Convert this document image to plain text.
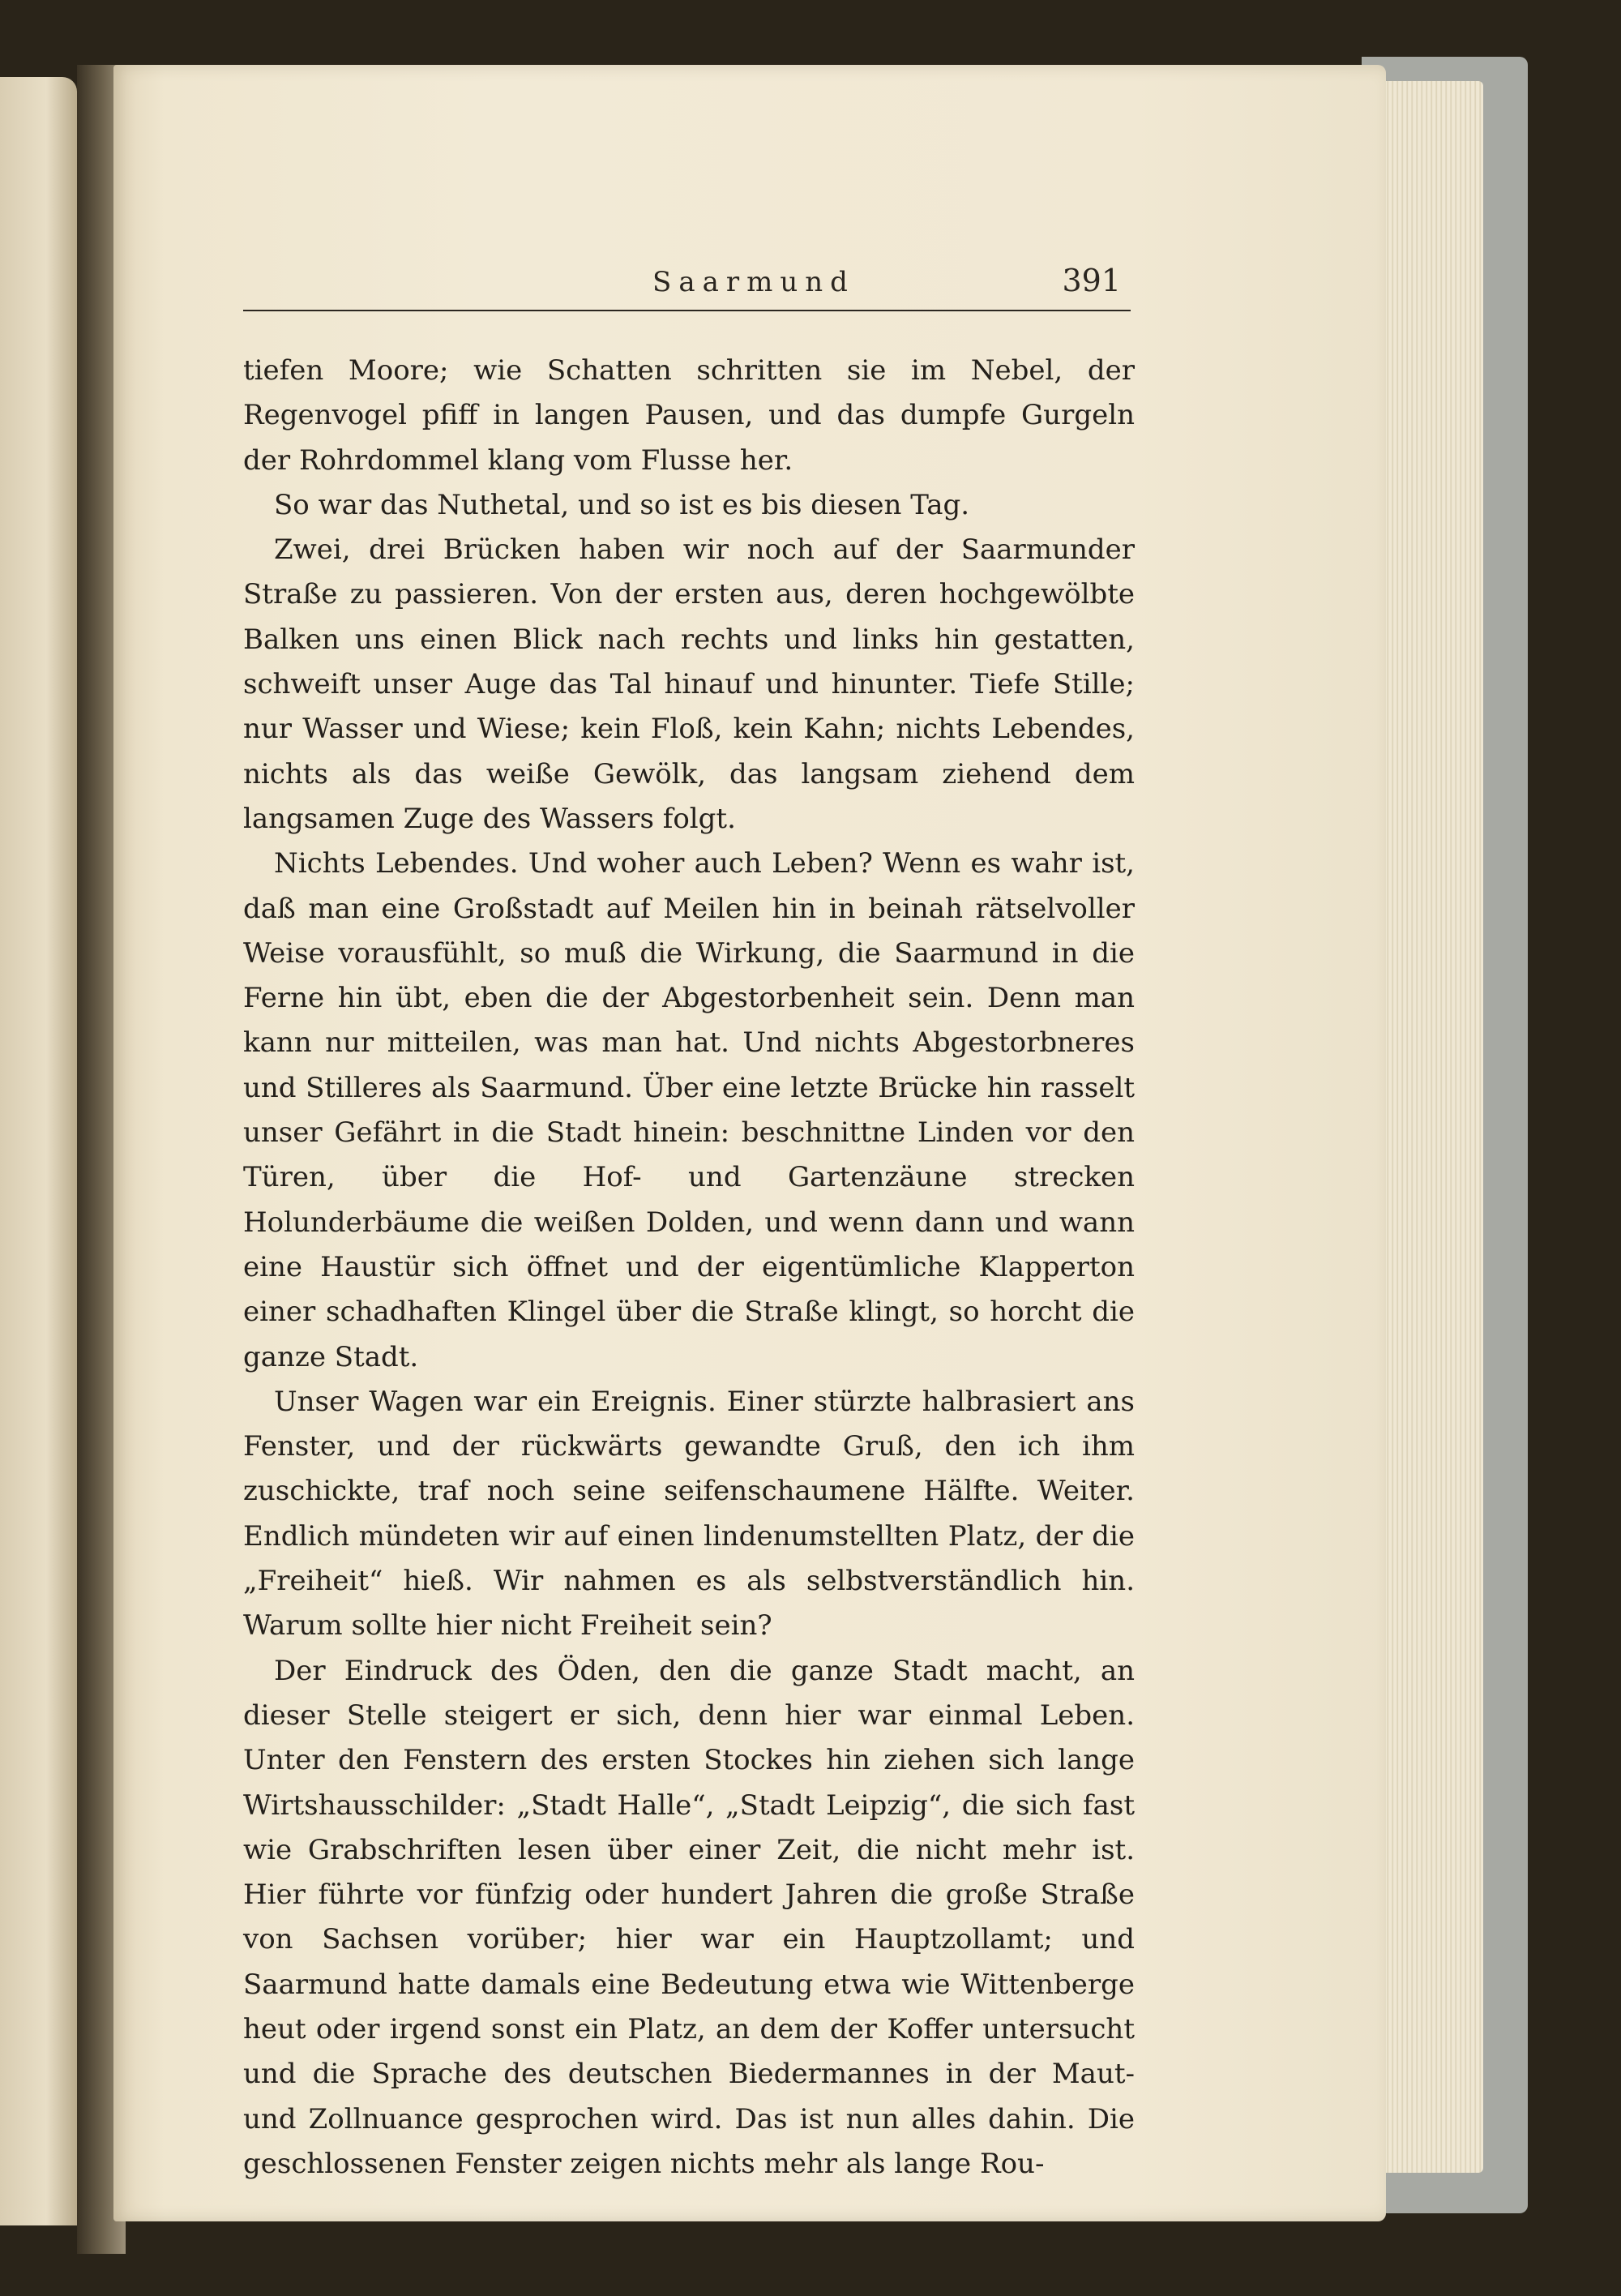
Saarmund	391

tiefen Moore; wie Schatten schritten sie im Nebel, der Regenvogel pfiff in langen Pausen, und das dumpfe Gurgeln der Rohrdommel klang vom Flusse her.

So war das Nuthetal, und so ist es bis diesen Tag.

Zwei, drei Brücken haben wir noch auf der Saarmunder Straße zu passieren. Von der ersten aus, deren hochgewölbte Balken uns einen Blick nach rechts und links hin gestatten, schweift unser Auge das Tal hinauf und hinunter. Tiefe Stille; nur Wasser und Wiese; kein Floß, kein Kahn; nichts Lebendes, nichts als das weiße Gewölk, das langsam ziehend dem langsamen Zuge des Wassers folgt.

Nichts Lebendes. Und woher auch Leben? Wenn es wahr ist, daß man eine Großstadt auf Meilen hin in beinah rätselvoller Weise vorausfühlt, so muß die Wirkung, die Saarmund in die Ferne hin übt, eben die der Abgestorbenheit sein. Denn man kann nur mitteilen, was man hat. Und nichts Abgestorbneres und Stilleres als Saarmund. Über eine letzte Brücke hin rasselt unser Gefährt in die Stadt hinein: beschnittne Linden vor den Türen, über die Hof- und Gartenzäune strecken Holunderbäume die weißen Dolden, und wenn dann und wann eine Haustür sich öffnet und der eigentümliche Klapperton einer schadhaften Klingel über die Straße klingt, so horcht die ganze Stadt.

Unser Wagen war ein Ereignis. Einer stürzte halbrasiert ans Fenster, und der rückwärts gewandte Gruß, den ich ihm zuschickte, traf noch seine seifenschaumene Hälfte. Weiter. Endlich mündeten wir auf einen lindenumstellten Platz, der die „Freiheit“ hieß. Wir nahmen es als selbstverständlich hin. Warum sollte hier nicht Freiheit sein?

Der Eindruck des Öden, den die ganze Stadt macht, an dieser Stelle steigert er sich, denn hier war einmal Leben. Unter den Fenstern des ersten Stockes hin ziehen sich lange Wirtshausschilder: „Stadt Halle“, „Stadt Leipzig“, die sich fast wie Grabschriften lesen über einer Zeit, die nicht mehr ist. Hier führte vor fünfzig oder hundert Jahren die große Straße von Sachsen vorüber; hier war ein Hauptzollamt; und Saarmund hatte damals eine Bedeutung etwa wie Wittenberge heut oder irgend sonst ein Platz, an dem der Koffer untersucht und die Sprache des deutschen Biedermannes in der Maut- und Zollnuance gesprochen wird. Das ist nun alles dahin. Die geschlossenen Fenster zeigen nichts mehr als lange Rou-
